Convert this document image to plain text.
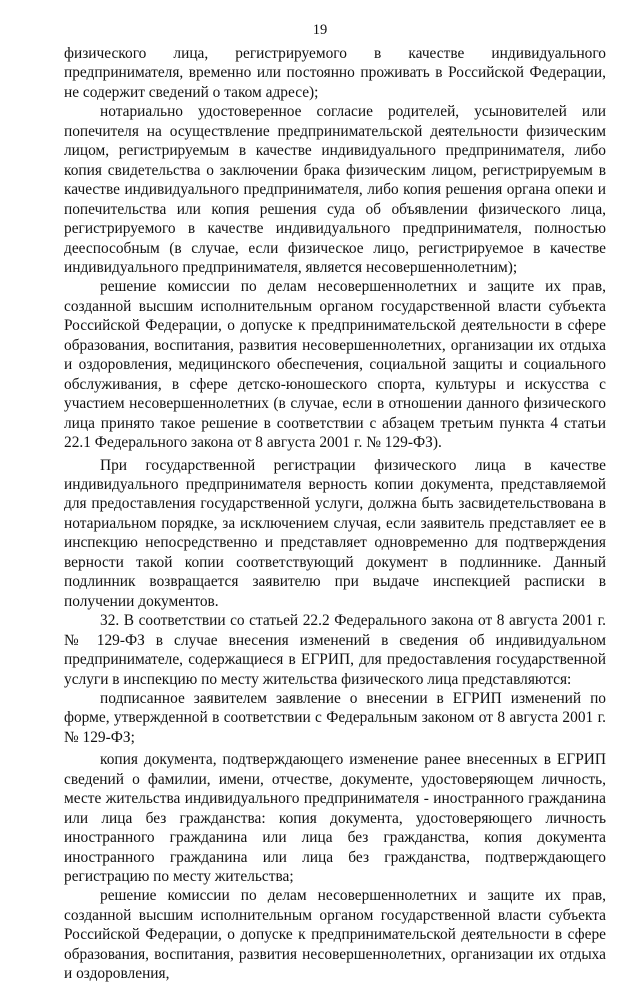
19

физического лица, регистрируемого в качестве индивидуального предпринимателя, временно или постоянно проживать в Российской Федерации, не содержит сведений о таком адресе);

нотариально удостоверенное согласие родителей, усыновителей или попечителя на осуществление предпринимательской деятельности физическим лицом, регистрируемым в качестве индивидуального предпринимателя, либо копия свидетельства о заключении брака физическим лицом, регистрируемым в качестве индивидуального предпринимателя, либо копия решения органа опеки и попечительства или копия решения суда об объявлении физического лица, регистрируемого в качестве индивидуального предпринимателя, полностью дееспособным (в случае, если физическое лицо, регистрируемое в качестве индивидуального предпринимателя, является несовершеннолетним);

решение комиссии по делам несовершеннолетних и защите их прав, созданной высшим исполнительным органом государственной власти субъекта Российской Федерации, о допуске к предпринимательской деятельности в сфере образования, воспитания, развития несовершеннолетних, организации их отдыха и оздоровления, медицинского обеспечения, социальной защиты и социального обслуживания, в сфере детско-юношеского спорта, культуры и искусства с участием несовершеннолетних (в случае, если в отношении данного физического лица принято такое решение в соответствии с абзацем третьим пункта 4 статьи 22.1 Федерального закона от 8 августа 2001 г. № 129-ФЗ).

При государственной регистрации физического лица в качестве индивидуального предпринимателя верность копии документа, представляемой для предоставления государственной услуги, должна быть засвидетельствована в нотариальном порядке, за исключением случая, если заявитель представляет ее в инспекцию непосредственно и представляет одновременно для подтверждения верности такой копии соответствующий документ в подлиннике. Данный подлинник возвращается заявителю при выдаче инспекцией расписки в получении документов.

32. В соответствии со статьей 22.2 Федерального закона от 8 августа 2001 г. № 129-ФЗ в случае внесения изменений в сведения об индивидуальном предпринимателе, содержащиеся в ЕГРИП, для предоставления государственной услуги в инспекцию по месту жительства физического лица представляются:

подписанное заявителем заявление о внесении в ЕГРИП изменений по форме, утвержденной в соответствии с Федеральным законом от 8 августа 2001 г. № 129-ФЗ;

копия документа, подтверждающего изменение ранее внесенных в ЕГРИП сведений о фамилии, имени, отчестве, документе, удостоверяющем личность, месте жительства индивидуального предпринимателя - иностранного гражданина или лица без гражданства: копия документа, удостоверяющего личность иностранного гражданина или лица без гражданства, копия документа иностранного гражданина или лица без гражданства, подтверждающего регистрацию по месту жительства;

решение комиссии по делам несовершеннолетних и защите их прав, созданной высшим исполнительным органом государственной власти субъекта Российской Федерации, о допуске к предпринимательской деятельности в сфере образования, воспитания, развития несовершеннолетних, организации их отдыха и оздоровления,
